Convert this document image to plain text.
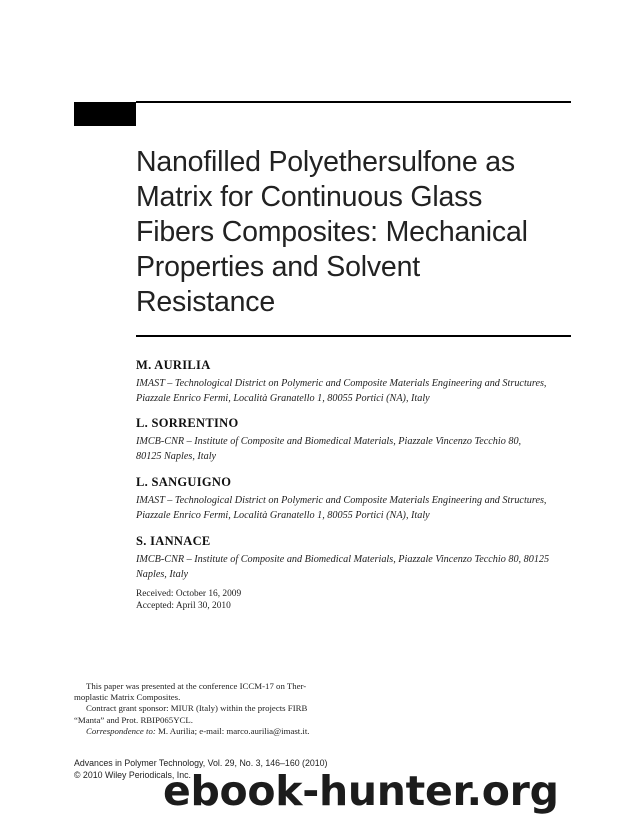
Nanofilled Polyethersulfone as
Matrix for Continuous Glass
Fibers Composites: Mechanical
Properties and Solvent
Resistance
M. AURILIA
IMAST – Technological District on Polymeric and Composite Materials Engineering and Structures,
Piazzale Enrico Fermi, Località Granatello 1, 80055 Portici (NA), Italy
L. SORRENTINO
IMCB-CNR – Institute of Composite and Biomedical Materials, Piazzale Vincenzo Tecchio 80,
80125 Naples, Italy
L. SANGUIGNO
IMAST – Technological District on Polymeric and Composite Materials Engineering and Structures,
Piazzale Enrico Fermi, Località Granatello 1, 80055 Portici (NA), Italy
S. IANNACE
IMCB-CNR – Institute of Composite and Biomedical Materials, Piazzale Vincenzo Tecchio 80, 80125
Naples, Italy
Received: October 16, 2009
Accepted: April 30, 2010
This paper was presented at the conference ICCM-17 on Ther-
moplastic Matrix Composites.
Contract grant sponsor: MIUR (Italy) within the projects FIRB
“Manta” and Prot. RBIP065YCL.
Correspondence to: M. Aurilia; e-mail: marco.aurilia@imast.it.
Advances in Polymer Technology, Vol. 29, No. 3, 146–160 (2010)
© 2010 Wiley Periodicals, Inc.
ebook-hunter.org
